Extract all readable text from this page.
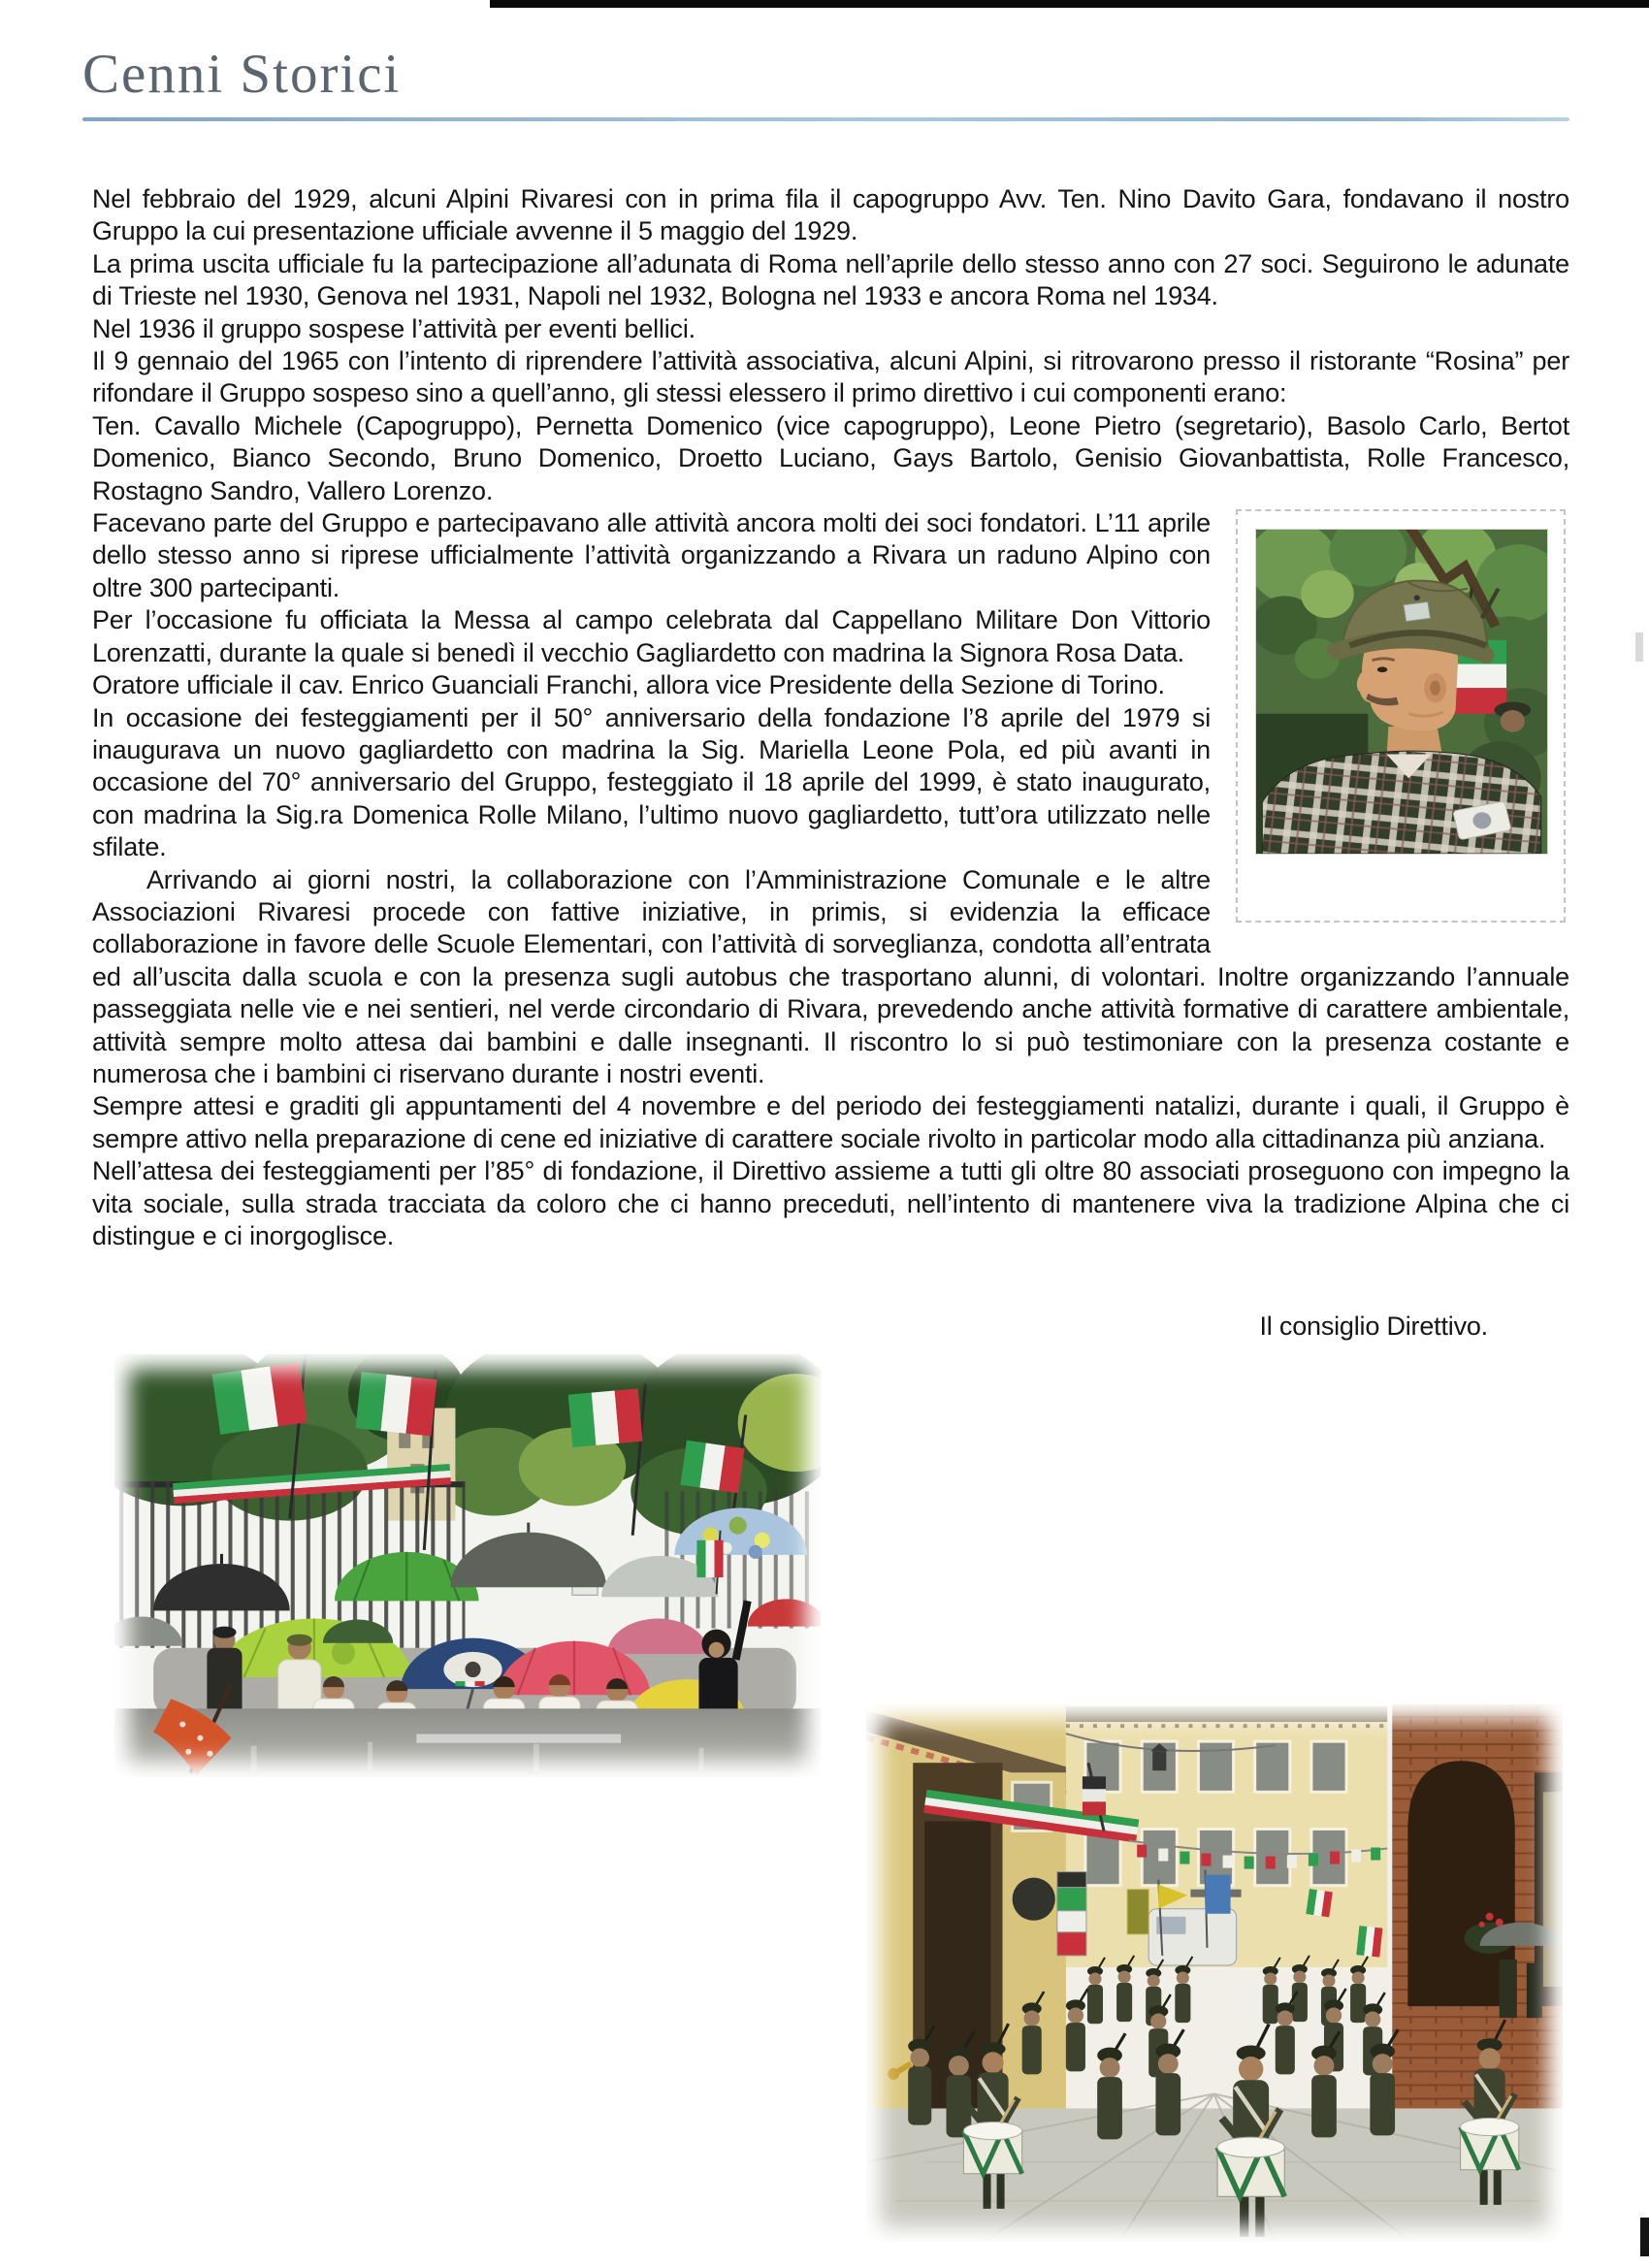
Cenni Storici

Nel febbraio del 1929, alcuni Alpini Rivaresi con in prima fila il capogruppo Avv. Ten. Nino Davito Gara, fondavano il nostro Gruppo la cui presentazione ufficiale avvenne il 5 maggio del 1929.

La prima uscita ufficiale fu la partecipazione all’adunata di Roma nell’aprile dello stesso anno con 27 soci. Seguirono le adunate di Trieste nel 1930, Genova nel 1931, Napoli nel 1932, Bologna nel 1933 e ancora Roma nel 1934.

Nel 1936 il gruppo sospese l’attività per eventi bellici.

Il 9 gennaio del 1965 con l’intento di riprendere l’attività associativa, alcuni Alpini, si ritrovarono presso il ristorante “Rosina” per rifondare il Gruppo sospeso sino a quell’anno, gli stessi elessero il primo direttivo i cui componenti erano:

Ten. Cavallo Michele (Capogruppo), Pernetta Domenico (vice capogruppo), Leone Pietro (segretario), Basolo Carlo, Bertot Domenico, Bianco Secondo, Bruno Domenico, Droetto Luciano, Gays Bartolo, Genisio Giovanbattista, Rolle Francesco, Rostagno Sandro, Vallero Lorenzo.

Facevano parte del Gruppo e partecipavano alle attività ancora molti dei soci fondatori. L’11 aprile dello stesso anno si riprese ufficialmente l’attività organizzando a Rivara un raduno Alpino con oltre 300 partecipanti.

Per l’occasione fu officiata la Messa al campo celebrata dal Cappellano Militare Don Vittorio Lorenzatti, durante la quale si benedì il vecchio Gagliardetto con madrina la Signora Rosa Data.

Oratore ufficiale il cav. Enrico Guanciali Franchi, allora vice Presidente della Sezione di Torino.

In occasione dei festeggiamenti per il 50° anniversario della fondazione l’8 aprile del 1979 si inaugurava un nuovo gagliardetto con madrina la Sig. Mariella Leone Pola, ed più avanti in occasione del 70° anniversario del Gruppo, festeggiato il 18 aprile del 1999, è stato inaugurato, con madrina la Sig.ra Domenica Rolle Milano, l’ultimo nuovo gagliardetto, tutt’ora utilizzato nelle sfilate.

Arrivando ai giorni nostri, la collaborazione con l’Amministrazione Comunale e le altre Associazioni Rivaresi procede con fattive iniziative, in primis, si evidenzia la efficace collaborazione in favore delle Scuole Elementari, con l’attività di sorveglianza, condotta all’entrata ed all’uscita dalla scuola e con la presenza sugli autobus che trasportano alunni, di volontari. Inoltre organizzando l’annuale passeggiata nelle vie e nei sentieri, nel verde circondario di Rivara, prevedendo anche attività formative di carattere ambientale, attività sempre molto attesa dai bambini e dalle insegnanti. Il riscontro lo si può testimoniare con la presenza costante e numerosa che i bambini ci riservano durante i nostri eventi.

Sempre attesi e graditi gli appuntamenti del 4 novembre e del periodo dei festeggiamenti natalizi, durante i quali, il Gruppo è sempre attivo nella preparazione di cene ed iniziative di carattere sociale rivolto in particolar modo alla cittadinanza più anziana.

Nell’attesa dei festeggiamenti per l’85° di fondazione, il Direttivo assieme a tutti gli oltre 80 associati proseguono con impegno la vita sociale, sulla strada tracciata da coloro che ci hanno preceduti, nell’intento di mantenere viva la tradizione Alpina che ci distingue e ci inorgoglisce.

Il consiglio Direttivo.
